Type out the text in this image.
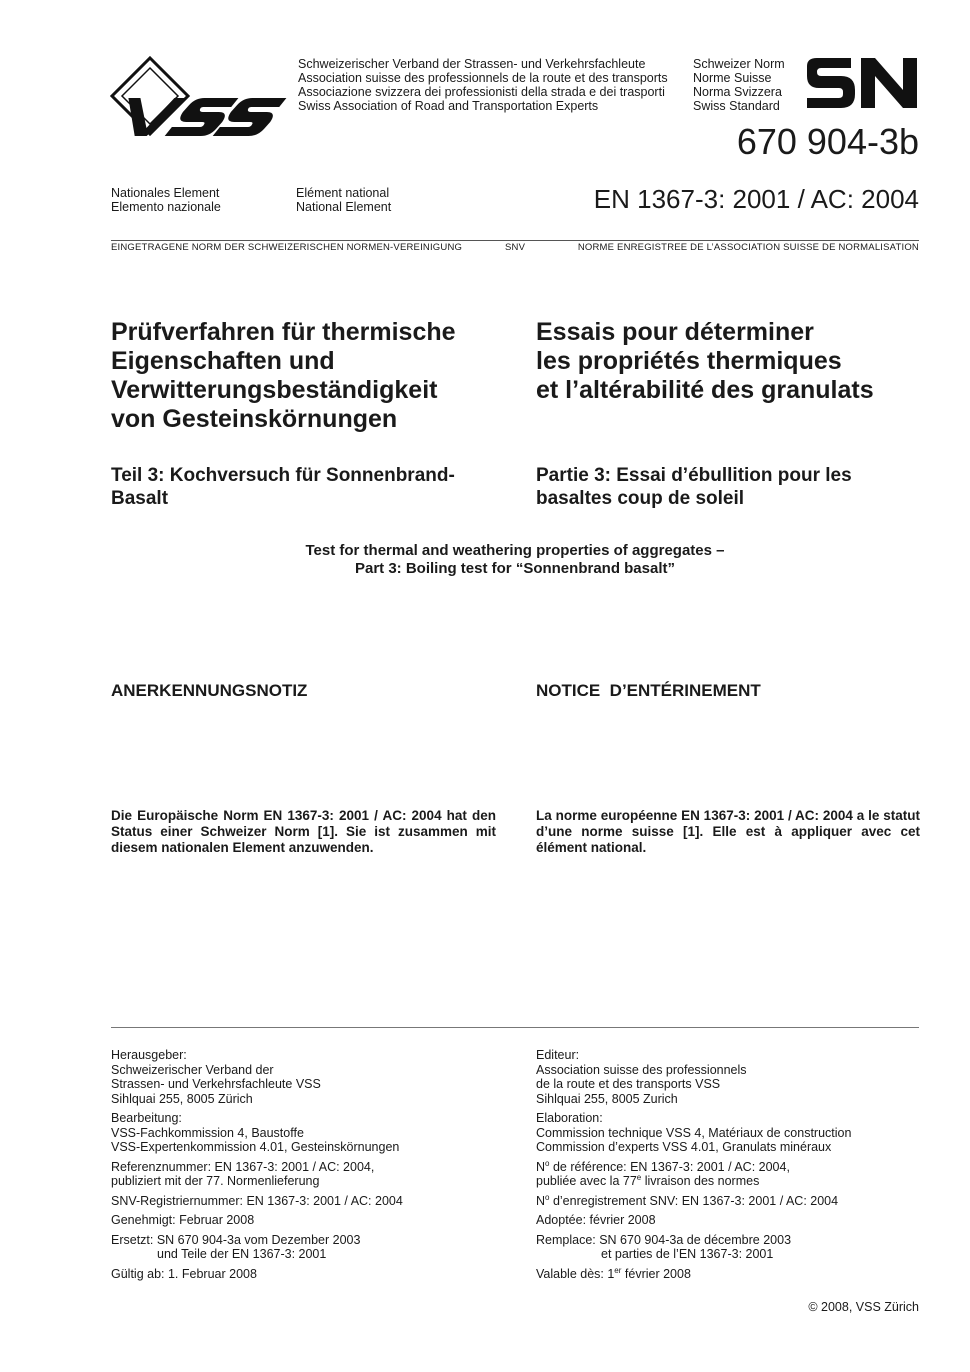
Schweizerischer Verband der Strassen- und Verkehrsfachleute
Association suisse des professionnels de la route et des transports
Associazione svizzera dei professionisti della strada e dei trasporti
Swiss Association of Road and Transportation Experts
Schweizer Norm
Norme Suisse
Norma Svizzera
Swiss Standard
670 904-3b
Nationales Element
Elemento nazionale
Elément national
National Element	EN 1367-3: 2001 / AC: 2004
EINGETRAGENE NORM DER SCHWEIZERISCHEN NORMEN-VEREINIGUNG	SNV	NORME ENREGISTREE DE L’ASSOCIATION SUISSE DE NORMALISATION
Prüfverfahren für thermische
Eigenschaften und
Verwitterungsbeständigkeit
von Gesteinskörnungen
Essais pour déterminer
les propriétés thermiques
et l’altérabilité des granulats
Teil 3: Kochversuch für Sonnenbrand-
Basalt
Partie 3: Essai d’ébullition pour les
basaltes coup de soleil
Test for thermal and weathering properties of aggregates –
Part 3: Boiling test for “Sonnenbrand basalt”
ANERKENNUNGSNOTIZ	NOTICE  D’ENTÉRINEMENT
Die Europäische Norm EN 1367-3: 2001 / AC: 2004 hat den Status einer Schweizer Norm [1]. Sie ist zusammen mit diesem nationalen Element anzuwenden.
La norme européenne EN 1367-3: 2001 / AC: 2004 a le statut d’une norme suisse [1]. Elle est à appliquer avec cet élément national.

Herausgeber:
Schweizerischer Verband der
Strassen- und Verkehrsfachleute VSS
Sihlquai 255, 8005 Zürich

Bearbeitung:
VSS-Fachkommission 4, Baustoffe
VSS-Expertenkommission 4.01, Gesteinskörnungen

Referenznummer: EN 1367-3: 2001 / AC: 2004,
publiziert mit der 77. Normenlieferung

SNV-Registriernummer: EN 1367-3: 2001 / AC: 2004

Genehmigt: Februar 2008

Ersetzt: SN 670 904-3a vom Dezember 2003
und Teile der EN 1367-3: 2001

Gültig ab: 1. Februar 2008

Editeur:
Association suisse des professionnels
de la route et des transports VSS
Sihlquai 255, 8005 Zurich

Elaboration:
Commission technique VSS 4, Matériaux de construction
Commission d’experts VSS 4.01, Granulats minéraux

$N^o$ de référence: EN 1367-3: 2001 / AC: 2004,
publiée avec la 77e livraison des normes

$N^o$ d’enregistrement SNV: EN 1367-3: 2001 / AC: 2004

Adoptée: février 2008

Remplace: SN 670 904-3a de décembre 2003
et parties de l’EN 1367-3: 2001

Valable dès: 1er février 2008

© 2008, VSS Zürich
